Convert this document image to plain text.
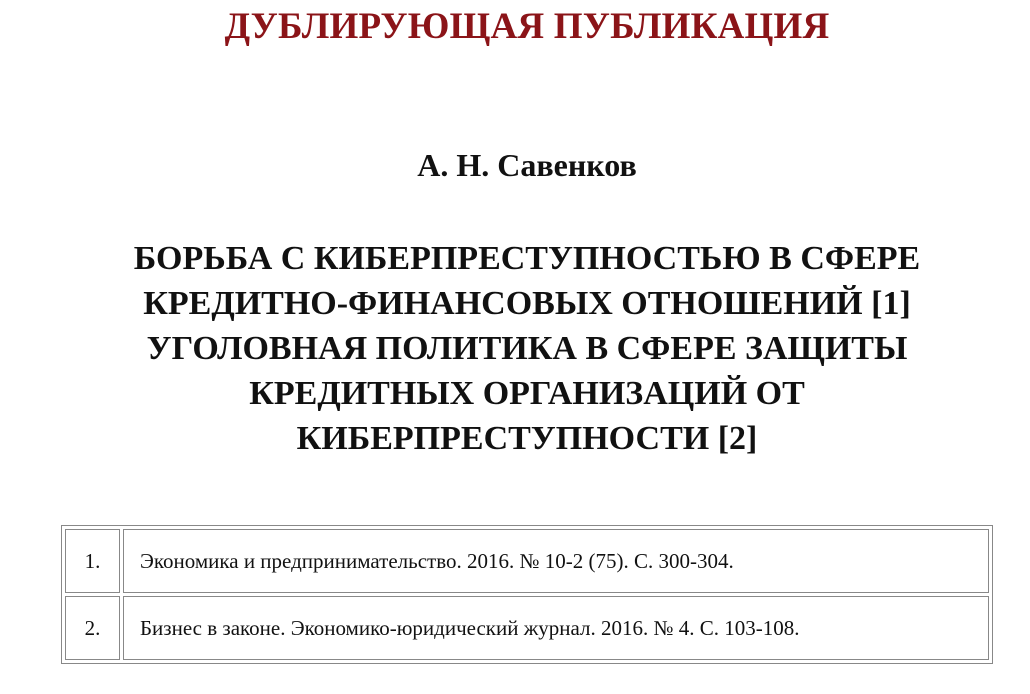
ДУБЛИРУЮЩАЯ ПУБЛИКАЦИЯ
А. Н. Савенков
БОРЬБА С КИБЕРПРЕСТУПНОСТЬЮ В СФЕРЕ
КРЕДИТНО-ФИНАНСОВЫХ ОТНОШЕНИЙ [1]
УГОЛОВНАЯ ПОЛИТИКА В СФЕРЕ ЗАЩИТЫ
КРЕДИТНЫХ ОРГАНИЗАЦИЙ ОТ
КИБЕРПРЕСТУПНОСТИ [2]
1.	Экономика и предпринимательство. 2016. № 10-2 (75). С. 300-304.
2.	Бизнес в законе. Экономико-юридический журнал. 2016. № 4. С. 103-108.
